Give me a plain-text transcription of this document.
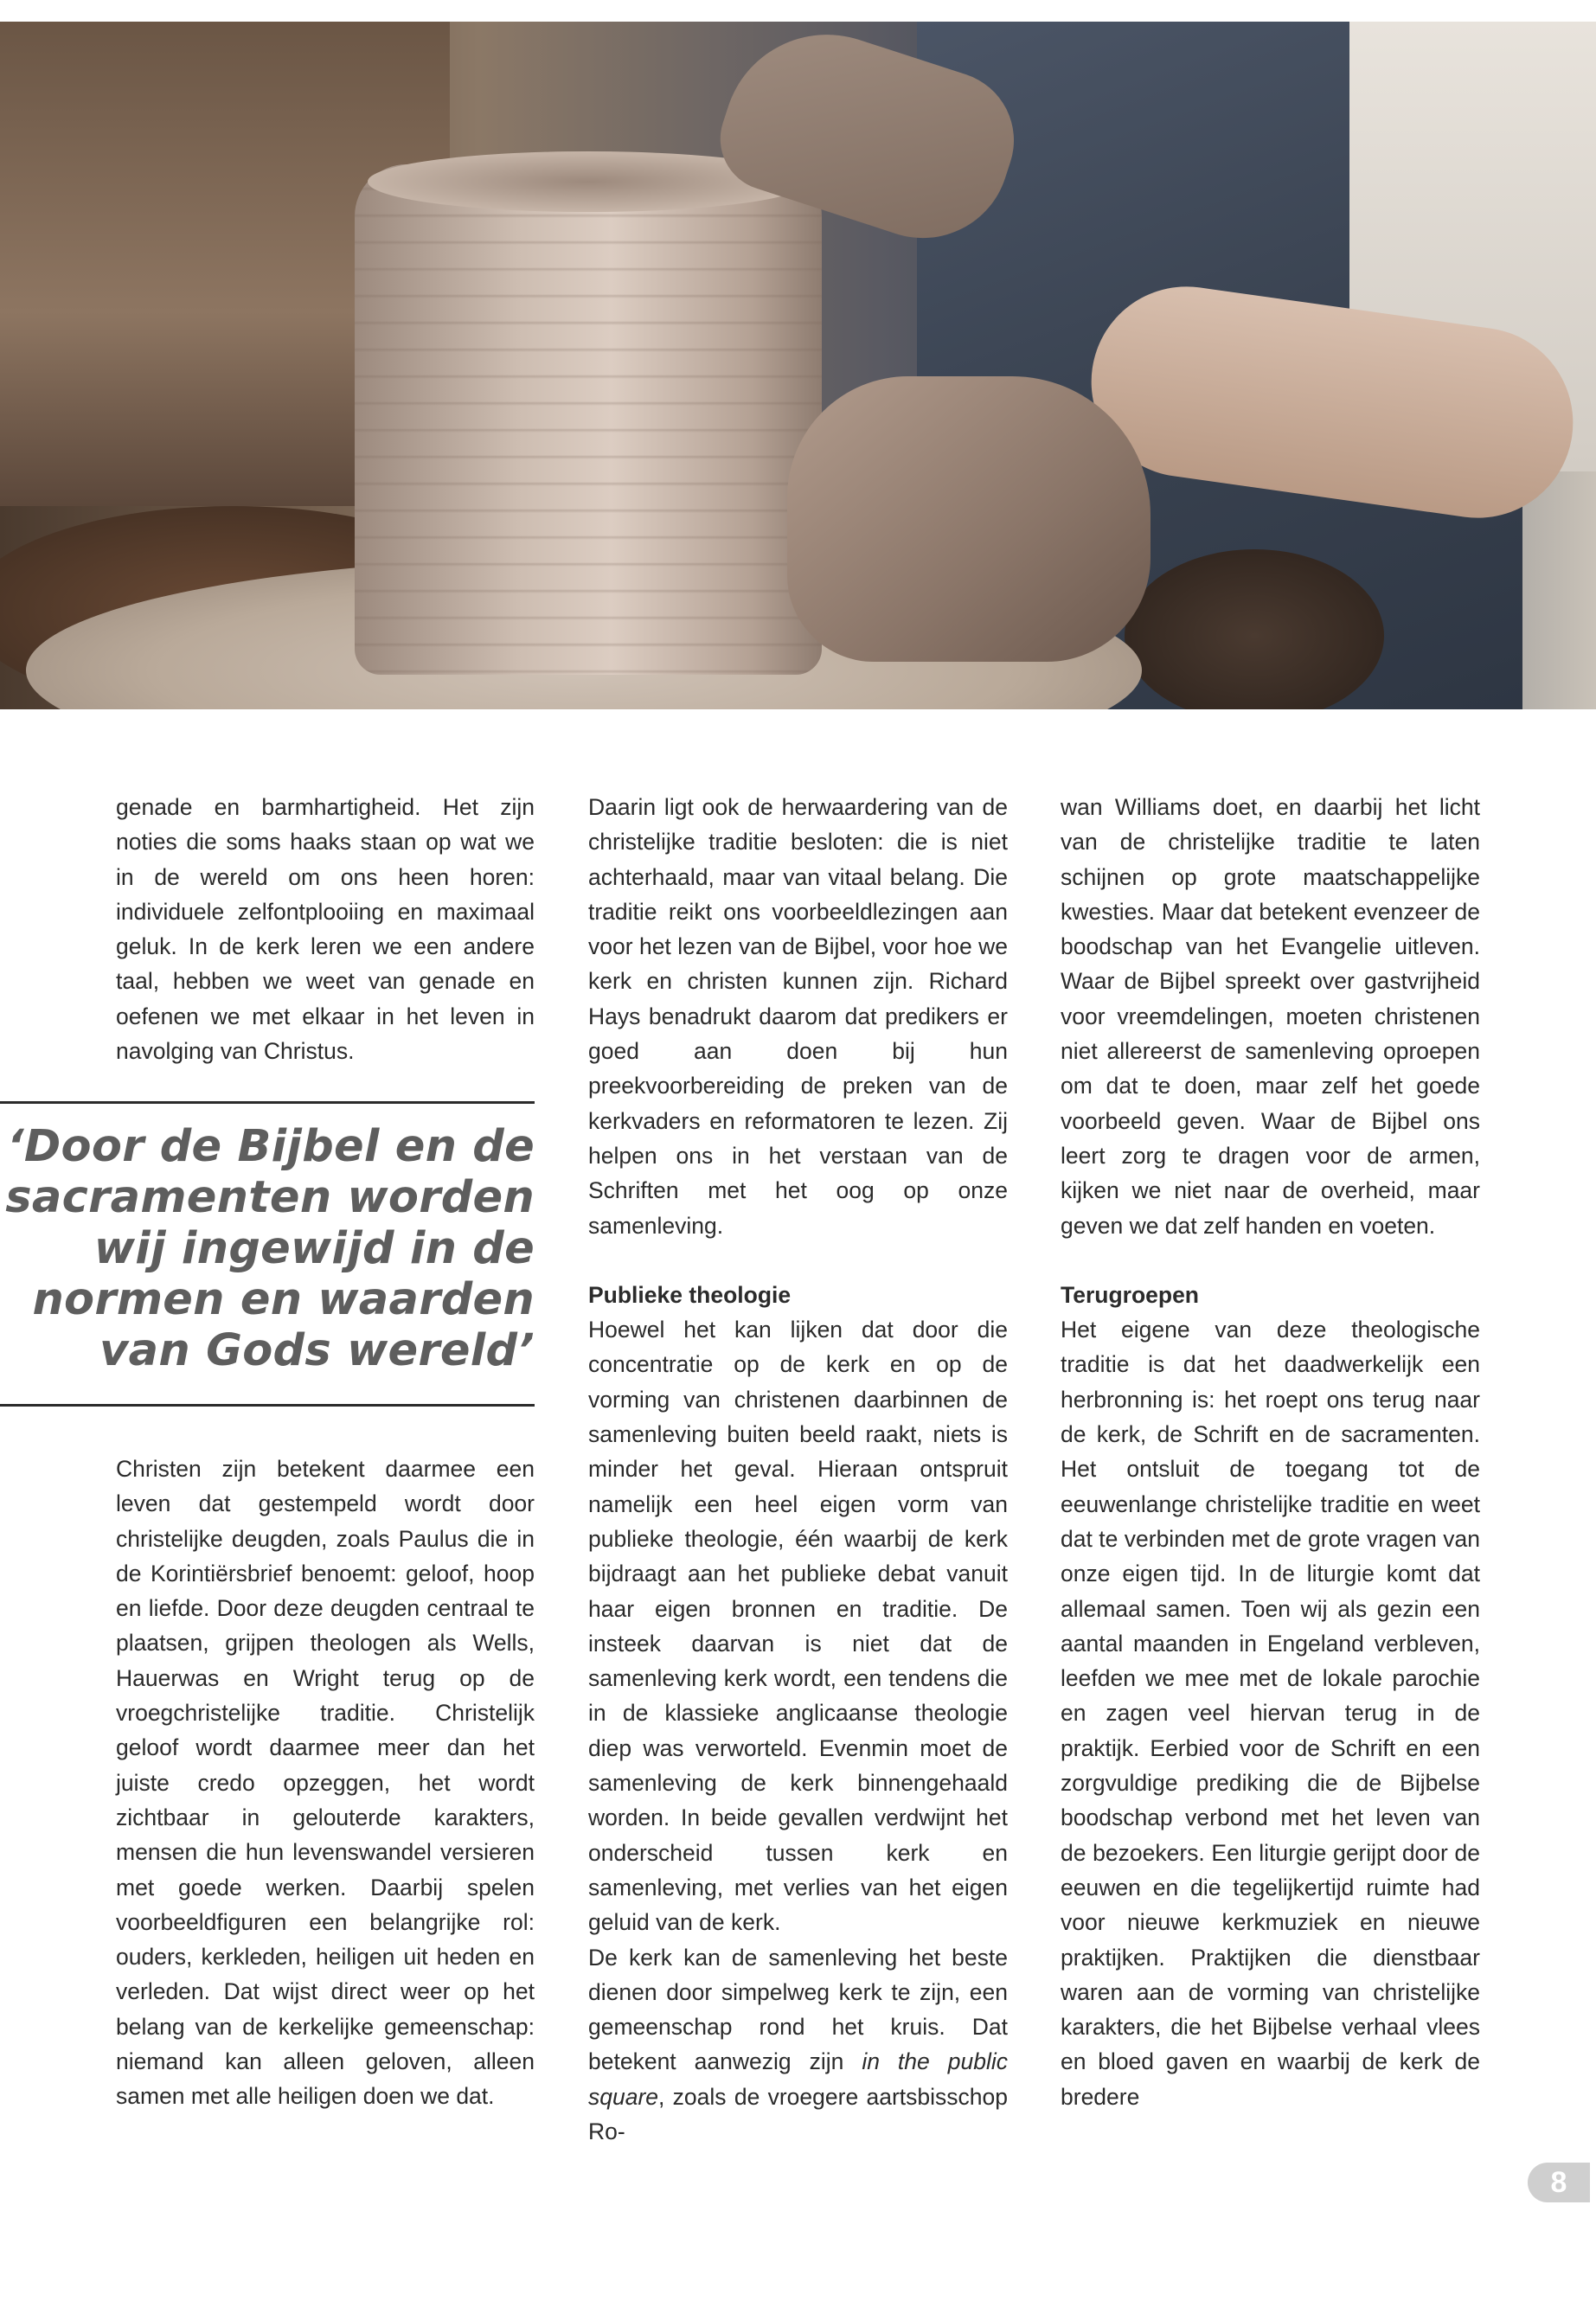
genade en barmhartigheid. Het zijn noties die soms haaks staan op wat we in de wereld om ons heen horen: individuele zelfontplooiing en maximaal geluk. In de kerk leren we een andere taal, hebben we weet van genade en oefenen we met elkaar in het leven in navolging van Christus.

‘Door de Bijbel en de
sacramenten worden
wij ingewijd in de
normen en waarden
van Gods wereld’

Christen zijn betekent daarmee een leven dat gestempeld wordt door christelijke deugden, zoals Paulus die in de Korintiërsbrief benoemt: geloof, hoop en liefde. Door deze deugden centraal te plaatsen, grijpen theologen als Wells, Hauerwas en Wright terug op de vroegchristelijke traditie. Christelijk geloof wordt daarmee meer dan het juiste credo opzeggen, het wordt zichtbaar in gelouterde karakters, mensen die hun levenswandel versieren met goede werken. Daarbij spelen voorbeeldfiguren een belangrijke rol: ouders, kerkleden, heiligen uit heden en verleden. Dat wijst direct weer op het belang van de kerkelijke gemeenschap: niemand kan alleen geloven, alleen samen met alle heiligen doen we dat.

Daarin ligt ook de herwaardering van de christelijke traditie besloten: die is niet achterhaald, maar van vitaal belang. Die traditie reikt ons voorbeeldlezingen aan voor het lezen van de Bijbel, voor hoe we kerk en christen kunnen zijn. Richard Hays benadrukt daarom dat predikers er goed aan doen bij hun preekvoorbereiding de preken van de kerkvaders en reformatoren te lezen. Zij helpen ons in het verstaan van de Schriften met het oog op onze samenleving.

Publieke theologie

Hoewel het kan lijken dat door die concentratie op de kerk en op de vorming van christenen daarbinnen de samenleving buiten beeld raakt, niets is minder het geval. Hieraan ontspruit namelijk een heel eigen vorm van publieke theologie, één waarbij de kerk bijdraagt aan het publieke debat vanuit haar eigen bronnen en traditie. De insteek daarvan is niet dat de samenleving kerk wordt, een tendens die in de klassieke anglicaanse theologie diep was verworteld. Evenmin moet de samenleving de kerk binnengehaald worden. In beide gevallen verdwijnt het onderscheid tussen kerk en samenleving, met verlies van het eigen geluid van de kerk.

De kerk kan de samenleving het beste dienen door simpelweg kerk te zijn, een gemeenschap rond het kruis. Dat betekent aanwezig zijn in the public square, zoals de vroegere aartsbisschop Ro-

wan Williams doet, en daarbij het licht van de christelijke traditie te laten schijnen op grote maatschappelijke kwesties. Maar dat betekent evenzeer de boodschap van het Evangelie uitleven. Waar de Bijbel spreekt over gastvrijheid voor vreemdelingen, moeten christenen niet allereerst de samenleving oproepen om dat te doen, maar zelf het goede voorbeeld geven. Waar de Bijbel ons leert zorg te dragen voor de armen, kijken we niet naar de overheid, maar geven we dat zelf handen en voeten.

Terugroepen

Het eigene van deze theologische traditie is dat het daadwerkelijk een herbronning is: het roept ons terug naar de kerk, de Schrift en de sacramenten. Het ontsluit de toegang tot de eeuwenlange christelijke traditie en weet dat te verbinden met de grote vragen van onze eigen tijd. In de liturgie komt dat allemaal samen. Toen wij als gezin een aantal maanden in Engeland verbleven, leefden we mee met de lokale parochie en zagen veel hiervan terug in de praktijk. Eerbied voor de Schrift en een zorgvuldige prediking die de Bijbelse boodschap verbond met het leven van de bezoekers. Een liturgie gerijpt door de eeuwen en die tegelijkertijd ruimte had voor nieuwe kerkmuziek en nieuwe praktijken. Praktijken die dienstbaar waren aan de vorming van christelijke karakters, die het Bijbelse verhaal vlees en bloed gaven en waarbij de kerk de bredere

8
